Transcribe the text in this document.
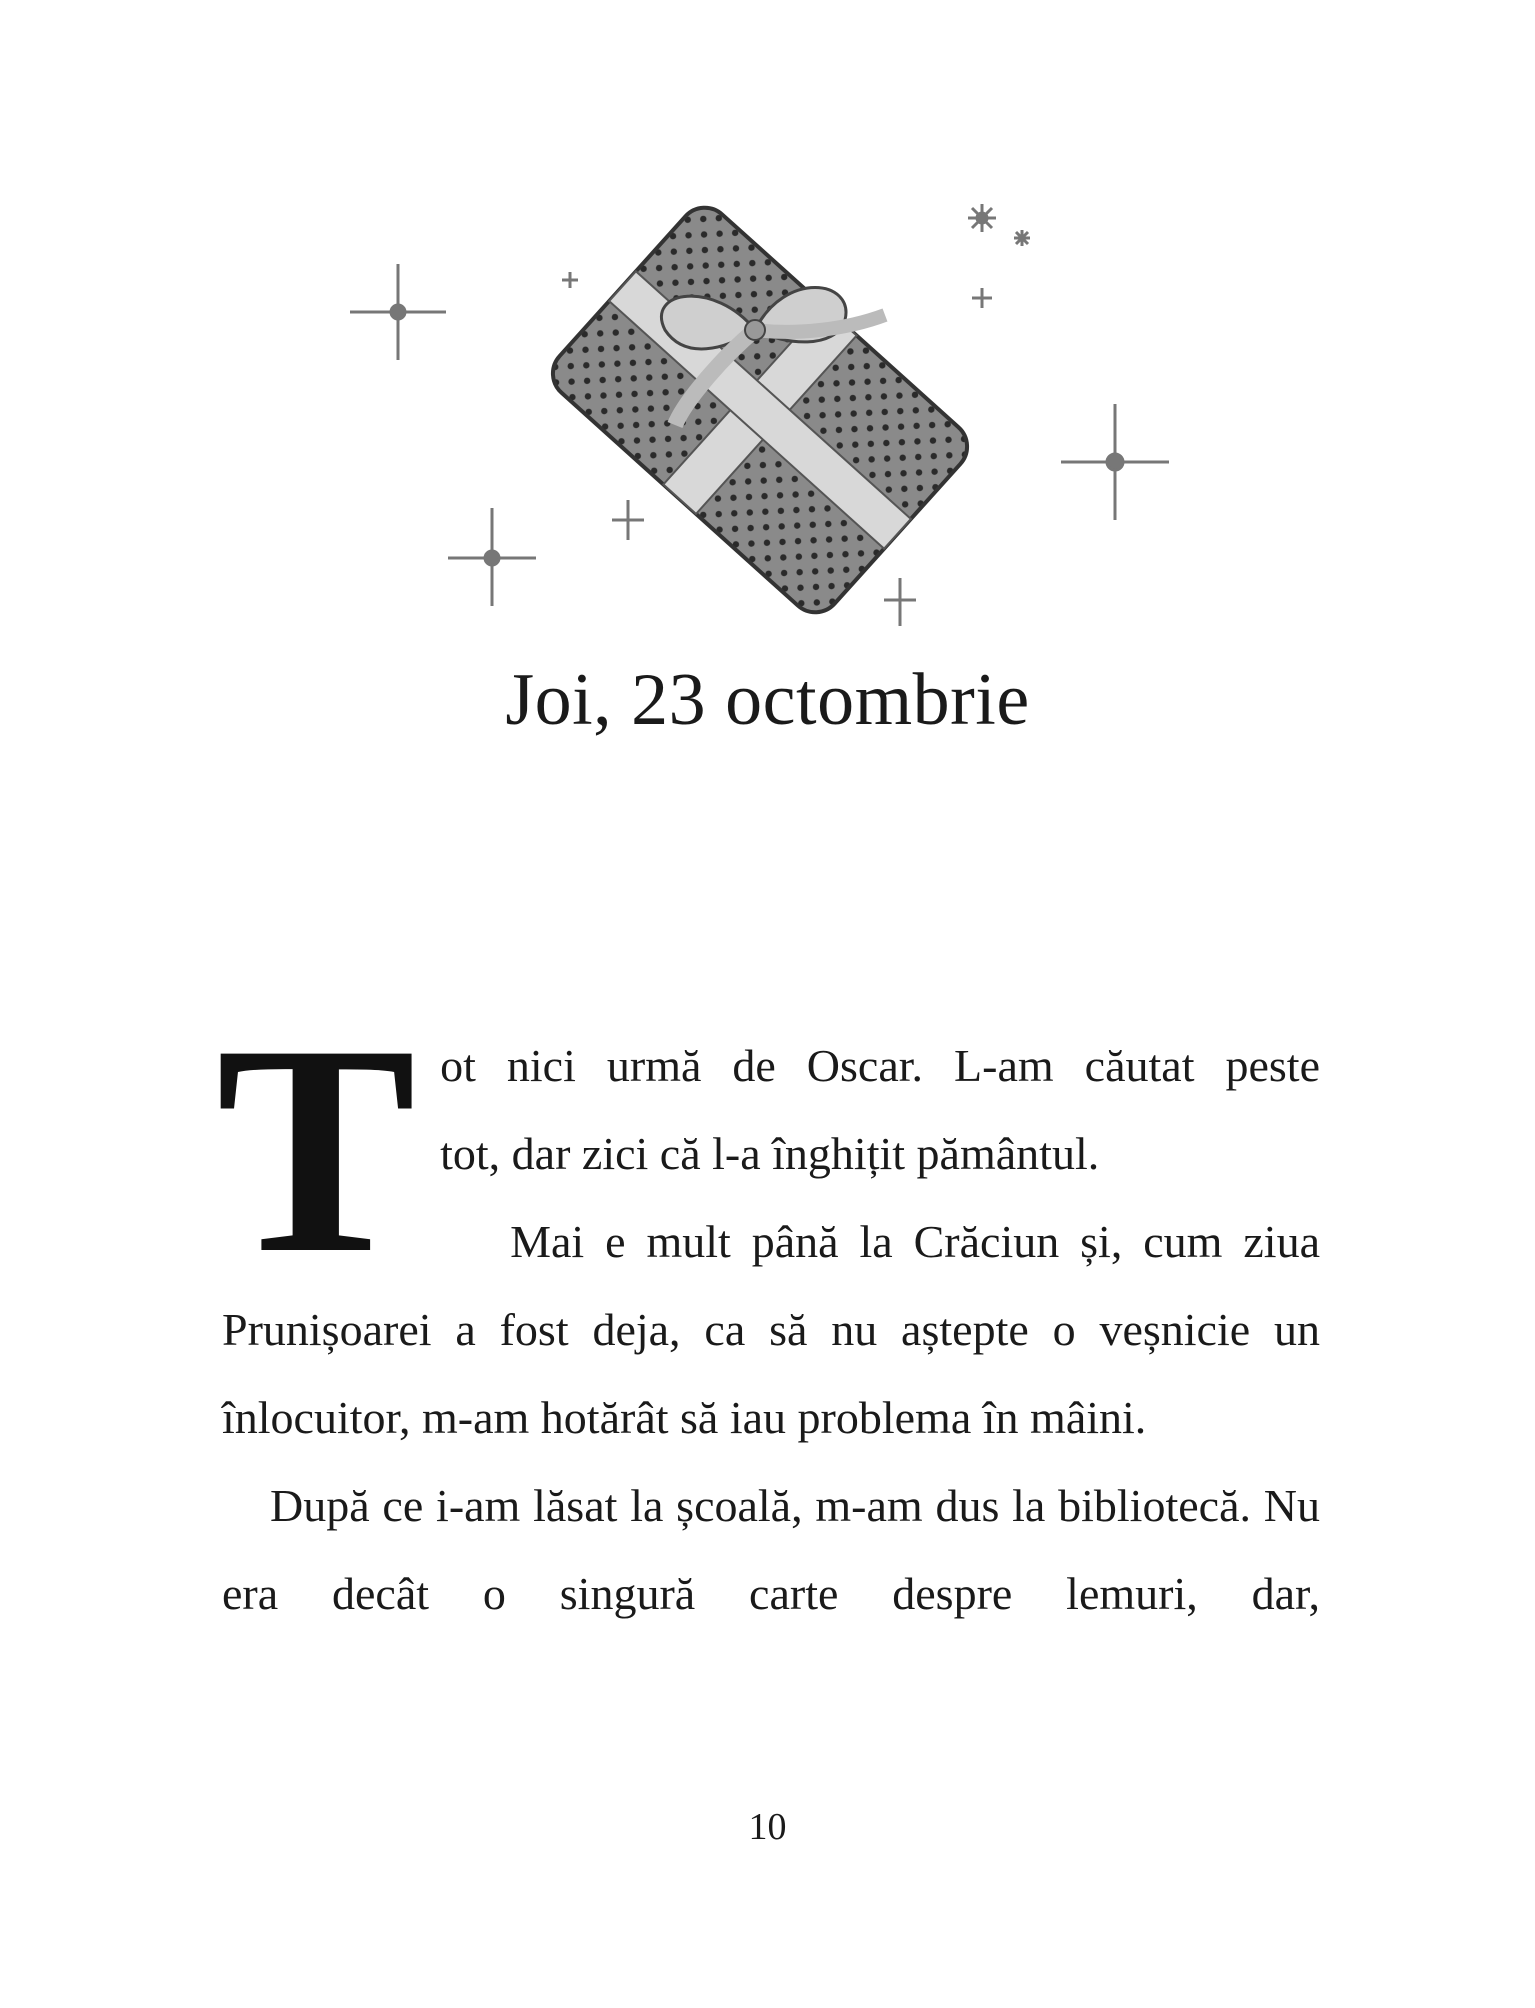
Joi, 23 octombrie
T ot nici urmă de Oscar. L-am căutat peste
tot, dar zici că l-a înghițit pământul.

Mai e mult până la Crăciun și, cum ziua Prunișoarei a fost deja, ca să nu aștepte o veșnicie un înlocuitor, m-am hotărât să iau problema în mâini.

După ce i-am lăsat la școală, m-am dus la bibliotecă. Nu era decât o singură carte despre lemuri, dar,

10
